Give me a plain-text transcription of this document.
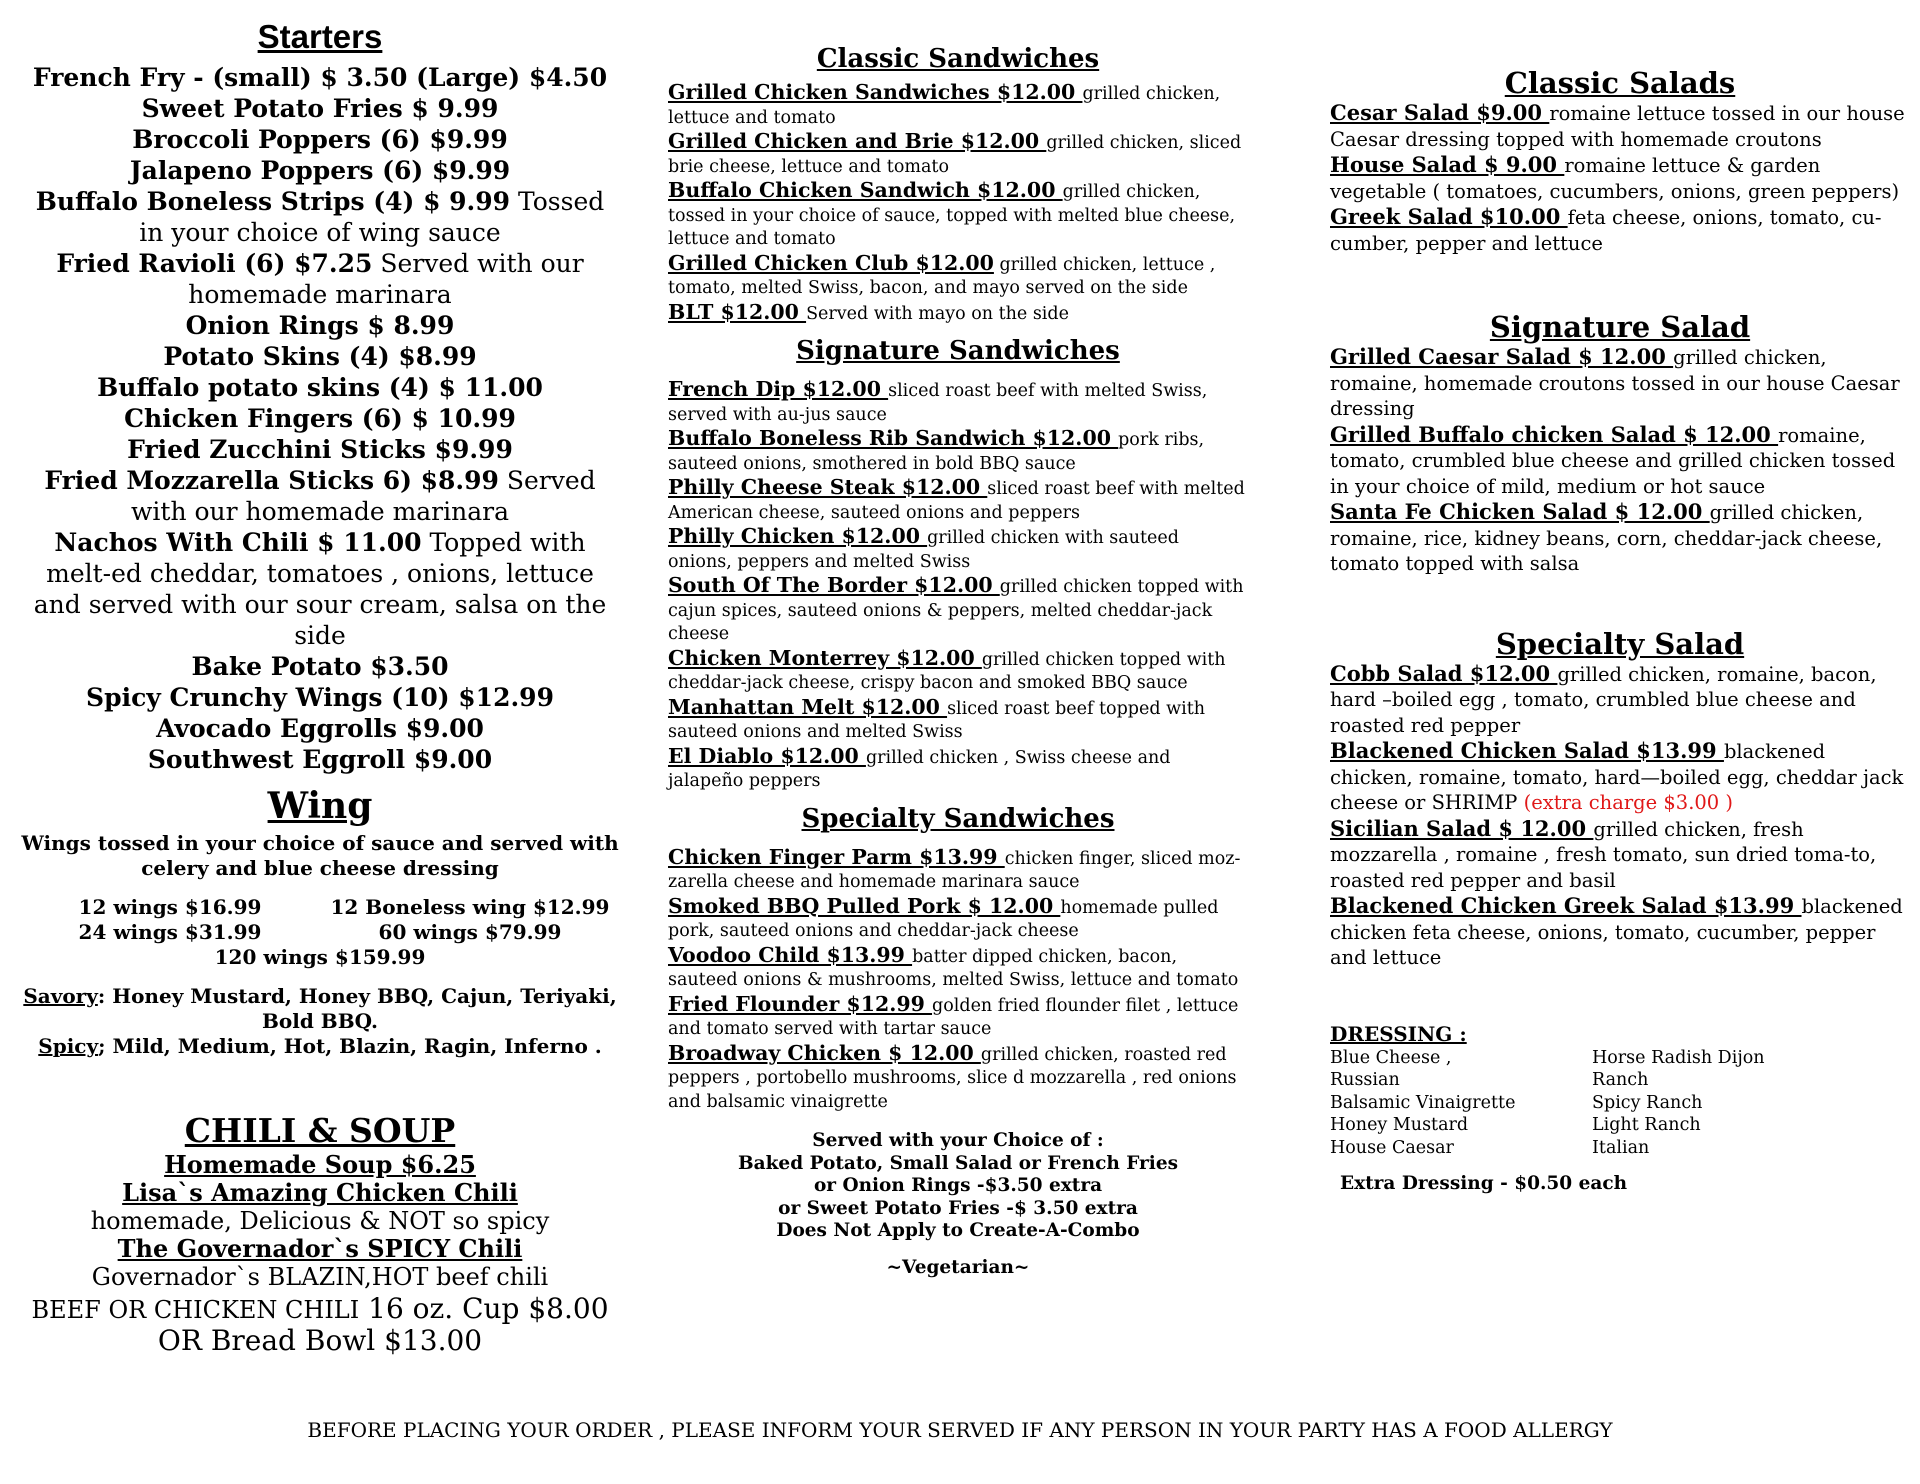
Starters
French Fry - (small) $ 3.50 (Large) $4.50
Sweet Potato Fries $ 9.99
Broccoli Poppers (6) $9.99
Jalapeno Poppers (6) $9.99
Buffalo Boneless Strips (4) $ 9.99 Tossed in your choice of wing sauce
Fried Ravioli (6) $7.25 Served with our homemade marinara
Onion Rings $ 8.99
Potato Skins (4) $8.99
Buffalo potato skins (4) $ 11.00
Chicken Fingers (6) $ 10.99
Fried Zucchini Sticks $9.99
Fried Mozzarella Sticks 6) $8.99 Served with our homemade marinara
Nachos With Chili $ 11.00 Topped with melt-ed cheddar, tomatoes , onions, lettuce and served with our sour cream, salsa on the side
Bake Potato $3.50
Spicy Crunchy Wings (10) $12.99
Avocado Eggrolls $9.00
Southwest Eggroll $9.00
Wing
Wings tossed in your choice of sauce and served with celery and blue cheese dressing
12 wings $16.99	12 Boneless wing $12.99
24 wings $31.99	60 wings $79.99
120 wings $159.99
Savory: Honey Mustard, Honey BBQ, Cajun, Teriyaki, Bold BBQ.
Spicy; Mild, Medium, Hot, Blazin, Ragin, Inferno .
CHILI & SOUP
Homemade Soup $6.25
Lisa`s Amazing Chicken Chili
homemade, Delicious & NOT so spicy
The Governador`s SPICY Chili
Governador`s BLAZIN,HOT beef chili
BEEF OR CHICKEN CHILI 16 oz. Cup $8.00
OR Bread Bowl $13.00
Classic Sandwiches
Grilled Chicken Sandwiches $12.00 grilled chicken, lettuce and tomato
Grilled Chicken and Brie $12.00 grilled chicken, sliced brie cheese, lettuce and tomato
Buffalo Chicken Sandwich $12.00 grilled chicken, tossed in your choice of sauce, topped with melted blue cheese, lettuce and tomato
Grilled Chicken Club $12.00 grilled chicken, lettuce , tomato, melted Swiss, bacon, and mayo served on the side
BLT $12.00 Served with mayo on the side
Signature Sandwiches
French Dip $12.00 sliced roast beef with melted Swiss, served with au-jus sauce
Buffalo Boneless Rib Sandwich $12.00 pork ribs, sauteed onions, smothered in bold BBQ sauce
Philly Cheese Steak $12.00 sliced roast beef with melted American cheese, sauteed onions and peppers
Philly Chicken $12.00 grilled chicken with sauteed onions, peppers and melted Swiss
South Of The Border $12.00 grilled chicken topped with cajun spices, sauteed onions & peppers, melted cheddar-jack cheese
Chicken Monterrey $12.00 grilled chicken topped with cheddar-jack cheese, crispy bacon and smoked BBQ sauce
Manhattan Melt $12.00 sliced roast beef topped with sauteed onions and melted Swiss
El Diablo $12.00 grilled chicken , Swiss cheese and jalapeño peppers
Specialty Sandwiches
Chicken Finger Parm $13.99 chicken finger, sliced moz-zarella cheese and homemade marinara sauce
Smoked BBQ Pulled Pork $ 12.00 homemade pulled pork, sauteed onions and cheddar-jack cheese
Voodoo Child $13.99 batter dipped chicken, bacon, sauteed onions & mushrooms, melted Swiss, lettuce and tomato
Fried Flounder $12.99 golden fried flounder filet , lettuce and tomato served with tartar sauce
Broadway Chicken $ 12.00 grilled chicken, roasted red peppers , portobello mushrooms, slice d mozzarella , red onions and balsamic vinaigrette
Served with your Choice of :
Baked Potato, Small Salad or French Fries
or Onion Rings -$3.50 extra
or Sweet Potato Fries -$ 3.50 extra
Does Not Apply to Create-A-Combo
~Vegetarian~
Classic Salads
Cesar Salad $9.00 romaine lettuce tossed in our house Caesar dressing topped with homemade croutons
House Salad $ 9.00 romaine lettuce & garden vegetable ( tomatoes, cucumbers, onions, green peppers)
Greek Salad $10.00 feta cheese, onions, tomato, cu-cumber, pepper and lettuce
Signature Salad
Grilled Caesar Salad $ 12.00 grilled chicken, romaine, homemade croutons tossed in our house Caesar dressing
Grilled Buffalo chicken Salad $ 12.00 romaine, tomato, crumbled blue cheese and grilled chicken tossed in your choice of mild, medium or hot sauce
Santa Fe Chicken Salad $ 12.00 grilled chicken, romaine, rice, kidney beans, corn, cheddar-jack cheese, tomato topped with salsa
Specialty Salad
Cobb Salad $12.00 grilled chicken, romaine, bacon, hard –boiled egg , tomato, crumbled blue cheese and roasted red pepper
Blackened Chicken Salad $13.99 blackened chicken, romaine, tomato, hard—boiled egg, cheddar jack cheese or SHRIMP (extra charge $3.00 )
Sicilian Salad $ 12.00 grilled chicken, fresh mozzarella , romaine , fresh tomato, sun dried toma-to, roasted red pepper and basil
Blackened Chicken Greek Salad $13.99 blackened chicken feta cheese, onions, tomato, cucumber, pepper and lettuce
DRESSING :
Blue Cheese ,	Horse Radish Dijon
Russian	Ranch
Balsamic Vinaigrette	Spicy Ranch
Honey Mustard	Light Ranch
House Caesar	Italian
Extra Dressing - $0.50 each
BEFORE PLACING YOUR ORDER , PLEASE INFORM YOUR SERVED IF ANY PERSON IN YOUR PARTY HAS A FOOD ALLERGY
